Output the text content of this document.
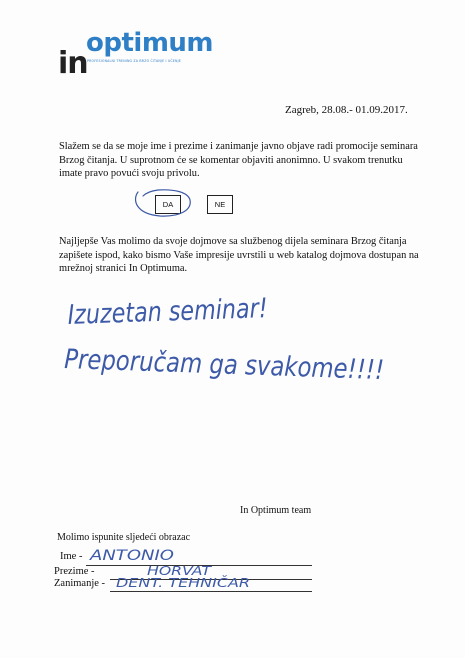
optimum
in PROFESIONALNI TRENING ZA BRZO ČITANJE I UČENJE
Zagreb, 28.08.- 01.09.2017.
Slažem se da se moje ime i prezime i zanimanje javno objave radi promocije seminara Brzog čitanja. U suprotnom će se komentar objaviti anonimno. U svakom trenutku imate pravo povući svoju privolu.
DA	NE
Najljepše Vas molimo da svoje dojmove sa službenog dijela seminara Brzog čitanja zapišete ispod, kako bismo Vaše impresije uvrstili u web katalog dojmova dostupan na mrežnoj stranici In Optimuma.
Izuzetan seminar!
Preporučam ga svakome!!!!
In Optimum team
Molimo ispunite sljedeći obrazac
Ime - ANTONIO
Prezime -	HORVAT
Zanimanje - DENT. TEHNIČAR
